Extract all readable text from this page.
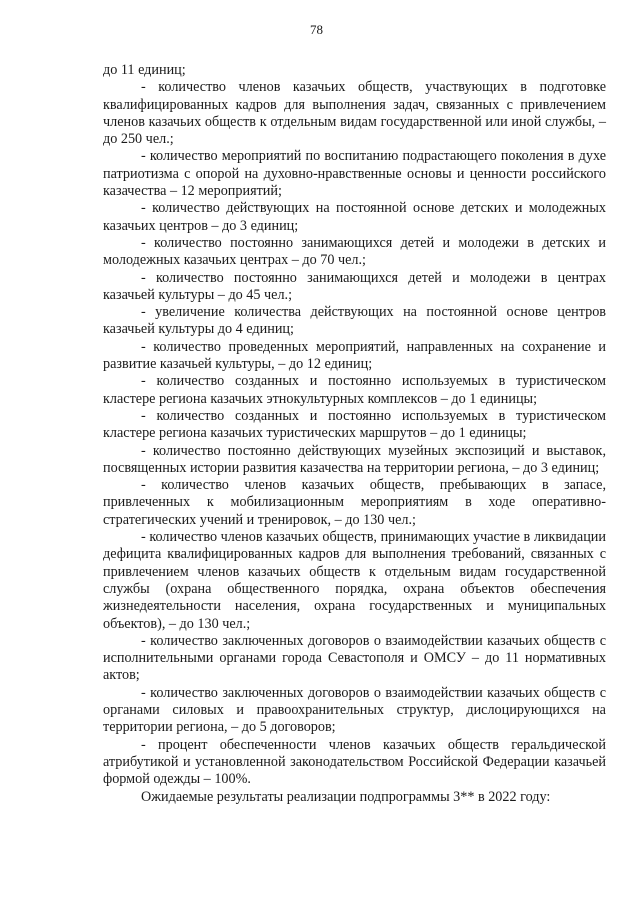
78

до 11 единиц;

- количество членов казачьих обществ, участвующих в подготовке квалифицированных кадров для выполнения задач, связанных с привлечением членов казачьих обществ к отдельным видам государственной или иной службы, – до 250 чел.;

- количество мероприятий по воспитанию подрастающего поколения в духе патриотизма с опорой на духовно-нравственные основы и ценности российского казачества – 12 мероприятий;

- количество действующих на постоянной основе детских и молодежных казачьих центров – до 3 единиц;

- количество постоянно занимающихся детей и молодежи в детских и молодежных казачьих центрах – до 70 чел.;

- количество постоянно занимающихся детей и молодежи в центрах казачьей культуры – до 45 чел.;

- увеличение количества действующих на постоянной основе центров казачьей культуры до 4 единиц;

- количество проведенных мероприятий, направленных на сохранение и развитие казачьей культуры, – до 12 единиц;

- количество созданных и постоянно используемых в туристическом кластере региона казачьих этнокультурных комплексов – до 1 единицы;

- количество созданных и постоянно используемых в туристическом кластере региона казачьих туристических маршрутов – до 1 единицы;

- количество постоянно действующих музейных экспозиций и выставок, посвященных истории развития казачества на территории региона, – до 3 единиц;

- количество членов казачьих обществ, пребывающих в запасе, привлеченных к мобилизационным мероприятиям в ходе оперативно-стратегических учений и тренировок, – до 130 чел.;

- количество членов казачьих обществ, принимающих участие в ликвидации дефицита квалифицированных кадров для выполнения требований, связанных с привлечением членов казачьих обществ к отдельным видам государственной службы (охрана общественного порядка, охрана объектов обеспечения жизнедеятельности населения, охрана государственных и муниципальных объектов), – до 130 чел.;

- количество заключенных договоров о взаимодействии казачьих обществ с исполнительными органами города Севастополя и ОМСУ – до 11 нормативных актов;

- количество заключенных договоров о взаимодействии казачьих обществ с органами силовых и правоохранительных структур, дислоцирующихся на территории региона, – до 5 договоров;

- процент обеспеченности членов казачьих обществ геральдической атрибутикой и установленной законодательством Российской Федерации казачьей формой одежды – 100%.

Ожидаемые результаты реализации подпрограммы 3** в 2022 году:
